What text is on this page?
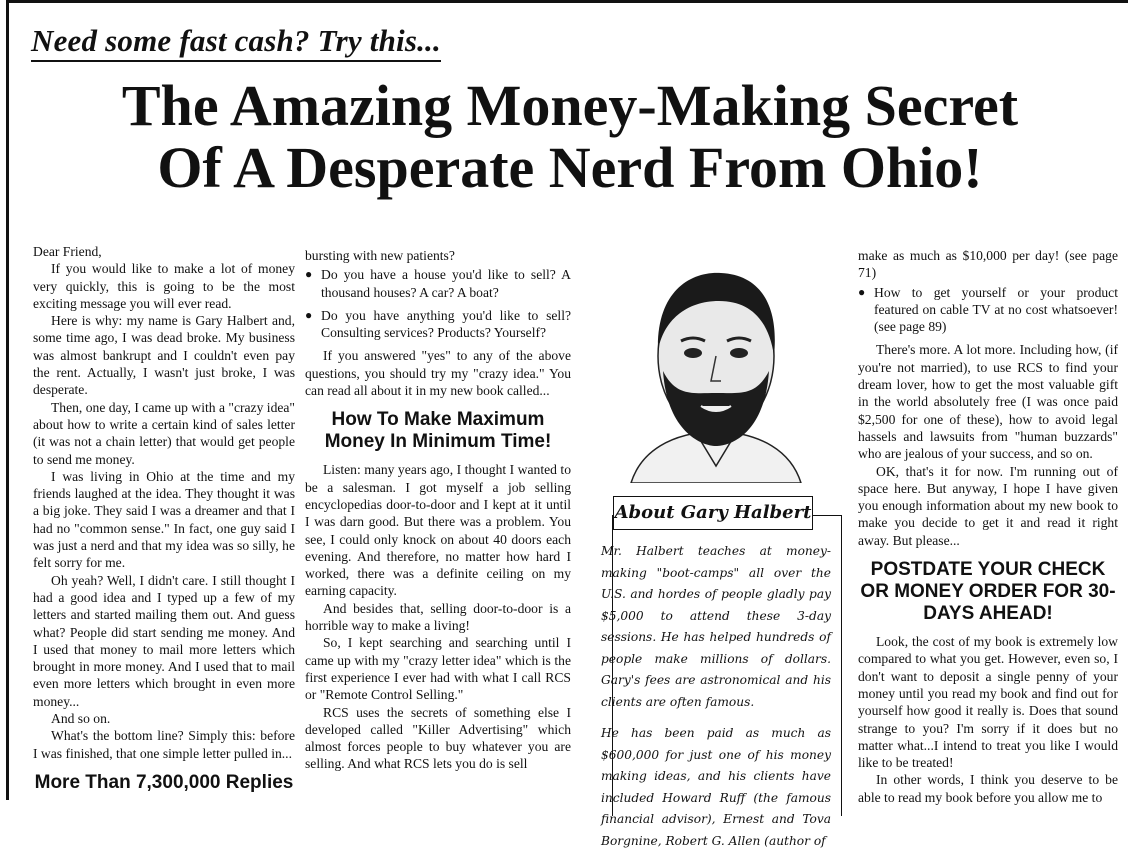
Need some fast cash? Try this...
The Amazing Money-Making Secret
Of A Desperate Nerd From Ohio!

Dear Friend,

If you would like to make a lot of money very quickly, this is going to be the most exciting message you will ever read.

Here is why: my name is Gary Halbert and, some time ago, I was dead broke. My business was almost bankrupt and I couldn't even pay the rent. Actually, I wasn't just broke, I was desperate.

Then, one day, I came up with a "crazy idea" about how to write a certain kind of sales letter (it was not a chain letter) that would get people to send me money.

I was living in Ohio at the time and my friends laughed at the idea. They thought it was a big joke. They said I was a dreamer and that I had no "common sense." In fact, one guy said I was just a nerd and that my idea was so silly, he felt sorry for me.

Oh yeah? Well, I didn't care. I still thought I had a good idea and I typed up a few of my letters and started mailing them out. And guess what? People did start sending me money. And I used that money to mail more letters which brought in more money. And I used that to mail even more letters which brought in even more money...

And so on.

What's the bottom line? Simply this: before I was finished, that one simple letter pulled in...

More Than 7,300,000 Replies

bursting with new patients?

● Do you have a house you'd like to sell? A thousand houses? A car? A boat?
● Do you have anything you'd like to sell? Consulting services? Products? Yourself?

If you answered "yes" to any of the above questions, you should try my "crazy idea." You can read all about it in my new book called...

How To Make Maximum Money In Minimum Time!

Listen: many years ago, I thought I wanted to be a salesman. I got myself a job selling encyclopedias door-to-door and I kept at it until I was darn good. But there was a problem. You see, I could only knock on about 40 doors each evening. And therefore, no matter how hard I worked, there was a definite ceiling on my earning capacity.

And besides that, selling door-to-door is a horrible way to make a living!

So, I kept searching and searching until I came up with my "crazy letter idea" which is the first experience I ever had with what I call RCS or "Remote Control Selling."

RCS uses the secrets of something else I developed called "Killer Advertising" which almost forces people to buy whatever you are selling. And what RCS lets you do is sell

About Gary Halbert

Mr. Halbert teaches at money-making "boot-camps" all over the U.S. and hordes of people gladly pay $5,000 to attend these 3-day sessions. He has helped hundreds of people make millions of dollars. Gary's fees are astronomical and his clients are often famous.

He has been paid as much as $600,000 for just one of his money making ideas, and his clients have included Howard Ruff (the famous financial advisor), Ernest and Tova Borgnine, Robert G. Allen (author of

make as much as $10,000 per day! (see page 71)

● How to get yourself or your product featured on cable TV at no cost whatsoever! (see page 89)

There's more. A lot more. Including how, (if you're not married), to use RCS to find your dream lover, how to get the most valuable gift in the world absolutely free (I was once paid $2,500 for one of these), how to avoid legal hassels and lawsuits from "human buzzards" who are jealous of your success, and so on.

OK, that's it for now. I'm running out of space here. But anyway, I hope I have given you enough information about my new book to make you decide to get it and read it right away. But please...

POSTDATE YOUR CHECK OR MONEY ORDER FOR 30-DAYS AHEAD!

Look, the cost of my book is extremely low compared to what you get. However, even so, I don't want to deposit a single penny of your money until you read my book and find out for yourself how good it really is. Does that sound strange to you? I'm sorry if it does but no matter what...I intend to treat you like I would like to be treated!

In other words, I think you deserve to be able to read my book before you allow me to
